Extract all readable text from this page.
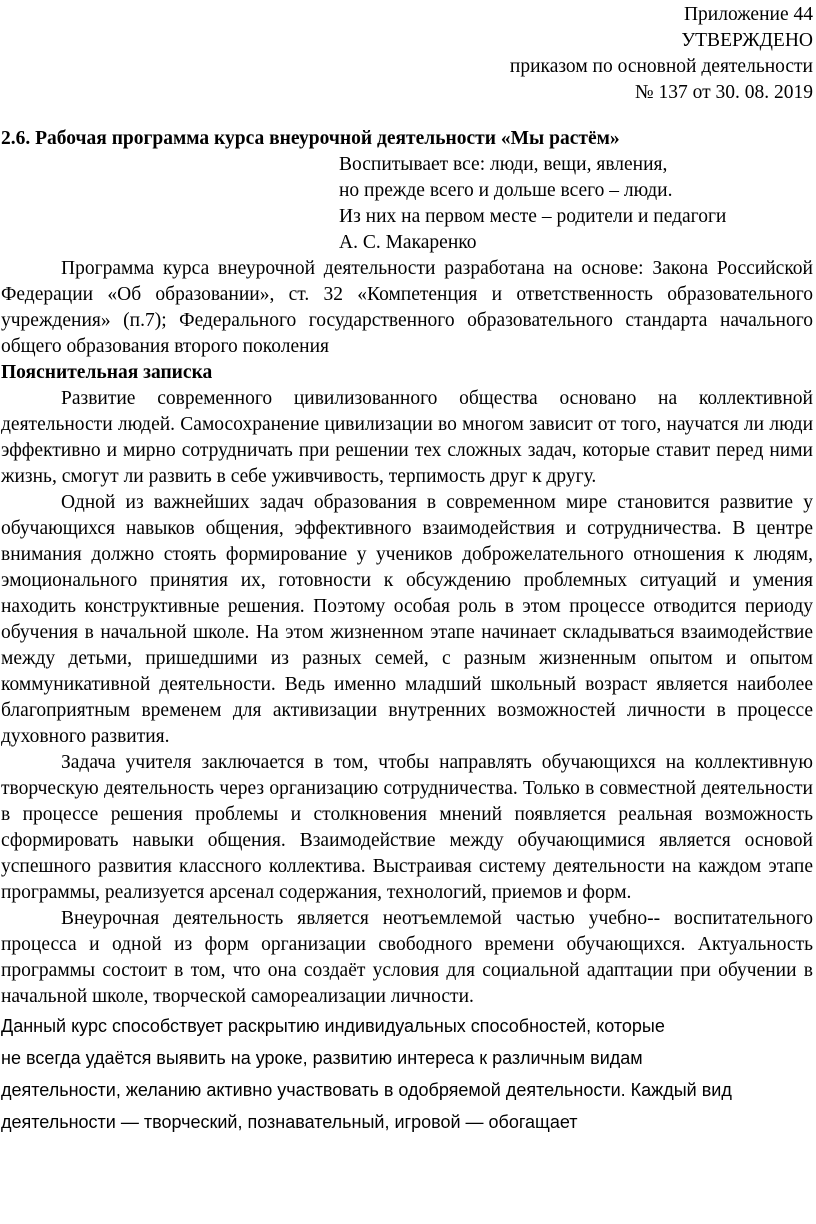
Приложение 44
УТВЕРЖДЕНО
приказом по основной деятельности
№ 137 от 30. 08. 2019
2.6. Рабочая программа курса внеурочной деятельности «Мы растём»
Воспитывает все: люди, вещи, явления,
но прежде всего и дольше всего – люди.
Из них на первом месте – родители и педагоги
А. С. Макаренко

Программа курса внеурочной деятельности разработана на основе: Закона Российской Федерации «Об образовании», ст. 32 «Компетенция и ответственность образовательного учреждения» (п.7); Федерального государственного образовательного стандарта начального общего образования второго поколения

Пояснительная записка

Развитие современного цивилизованного общества основано на коллективной деятельности людей. Самосохранение цивилизации во многом зависит от того, научатся ли люди эффективно и мирно сотрудничать при решении тех сложных задач, которые ставит перед ними жизнь, смогут ли развить в себе уживчивость, терпимость друг к другу.

Одной из важнейших задач образования в современном мире становится развитие у обучающихся навыков общения, эффективного взаимодействия и сотрудничества. В центре внимания должно стоять формирование у учеников доброжелательного отношения к людям, эмоционального принятия их, готовности к обсуждению проблемных ситуаций и умения находить конструктивные решения. Поэтому особая роль в этом процессе отводится периоду обучения в начальной школе. На этом жизненном этапе начинает складываться взаимодействие между детьми, пришедшими из разных семей, с разным жизненным опытом и опытом коммуникативной деятельности. Ведь именно младший школьный возраст является наиболее благоприятным временем для активизации внутренних возможностей личности в процессе духовного развития.

Задача учителя заключается в том, чтобы направлять обучающихся на коллективную творческую деятельность через организацию сотрудничества. Только в совместной деятельности в процессе решения проблемы и столкновения мнений появляется реальная возможность сформировать навыки общения. Взаимодействие между обучающимися является основой успешного развития классного коллектива. Выстраивая систему деятельности на каждом этапе программы, реализуется арсенал содержания, технологий, приемов и форм.

Внеурочная деятельность является неотъемлемой частью учебно-- воспитательного процесса и одной из форм организации свободного времени обучающихся. Актуальность программы состоит в том, что она создаёт условия для социальной адаптации при обучении в начальной школе, творческой самореализации личности.

Данный курс способствует раскрытию индивидуальных способностей, которые
не всегда удаётся выявить на уроке, развитию интереса к различным видам
деятельности, желанию активно участвовать в одобряемой деятельности. Каждый вид
деятельности — творческий, познавательный, игровой — обогащает
